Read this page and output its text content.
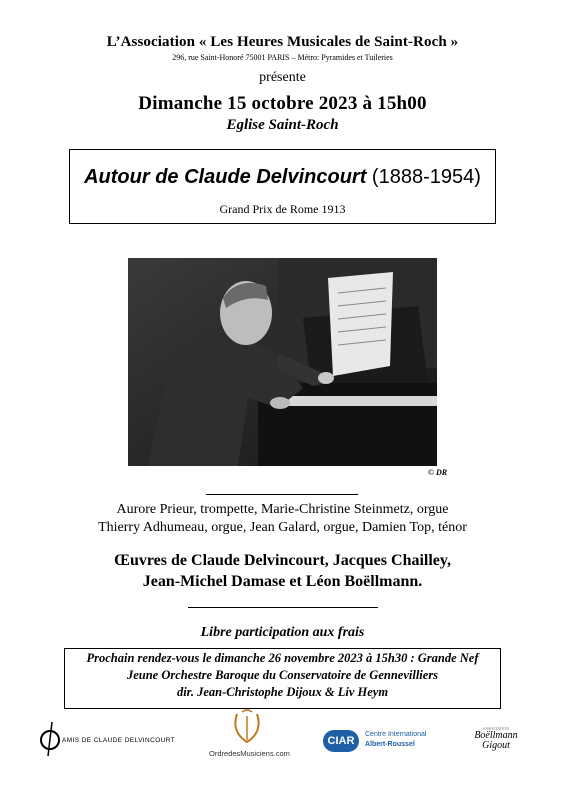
L’Association « Les Heures Musicales de Saint-Roch »
296, rue Saint-Honoré 75001 PARIS – Métro: Pyramides et Tuileries
présente
Dimanche 15 octobre 2023 à 15h00
Eglise Saint-Roch
Autour de Claude Delvincourt (1888-1954)
Grand Prix de Rome 1913
© DR
Aurore Prieur, trompette, Marie-Christine Steinmetz, orgue
Thierry Adhumeau, orgue, Jean Galard, orgue, Damien Top, ténor
Œuvres de Claude Delvincourt, Jacques Chailley,
Jean-Michel Damase et Léon Boëllmann.
Libre participation aux frais
Prochain rendez-vous le dimanche 26 novembre 2023 à 15h30 : Grande Nef
Jeune Orchestre Baroque du Conservatoire de Gennevilliers
dir. Jean-Christophe Dijoux & Liv Heym
AMIS DE CLAUDE DELVINCOURT
OrdredesMusiciens.com
CIAR
Centre International
Albert-Roussel
ASSOCIATION
Boëllmann
Gigout
